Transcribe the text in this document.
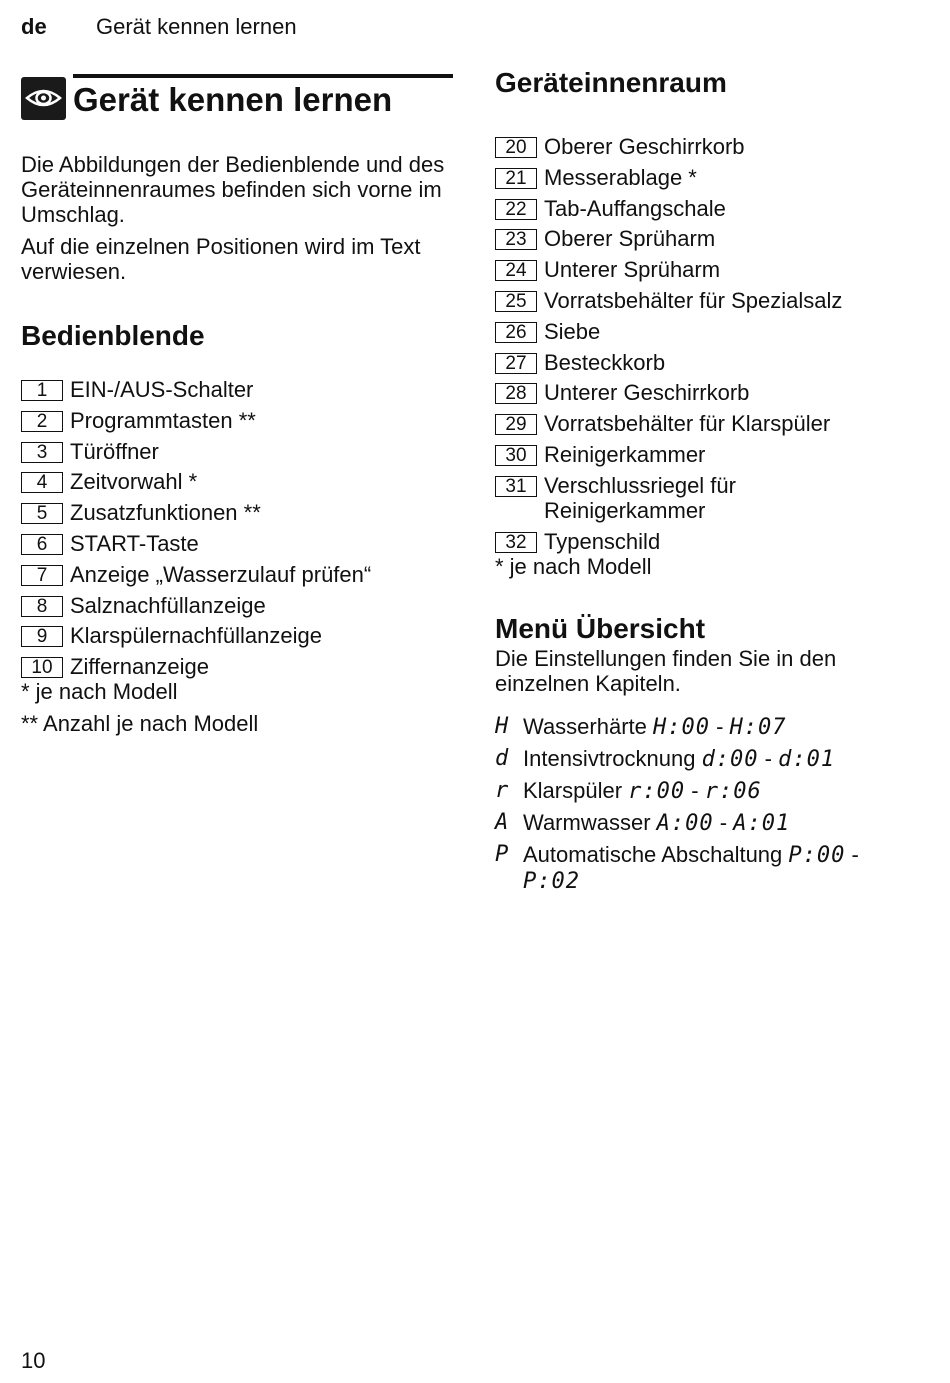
de Gerät kennen lernen
Gerät kennen lernen

Die Abbildungen der Bedienblende und des Geräteinnenraumes befinden sich vorne im Umschlag.

Auf die einzelnen Positionen wird im Text verwiesen.

Bedienblende
1	EIN-/AUS-Schalter
2	Programmtasten **
3	Türöffner
4	Zeitvorwahl *
5	Zusatzfunktionen **
6	START-Taste
7	Anzeige „Wasserzulauf prüfen“
8	Salznachfüllanzeige
9	Klarspülernachfüllanzeige
10 Ziffernanzeige
* je nach Modell
** Anzahl je nach Modell
Geräteinnenraum
20 Oberer Geschirrkorb
21 Messerablage *
22 Tab-Auffangschale
23 Oberer Sprüharm
24 Unterer Sprüharm
25 Vorratsbehälter für Spezialsalz
26 Siebe
27 Besteckkorb
28 Unterer Geschirrkorb
29 Vorratsbehälter für Klarspüler
30 Reinigerkammer
31 Verschlussriegel für Reinigerkammer
32 Typenschild
* je nach Modell
Menü Übersicht

Die Einstellungen finden Sie in den einzelnen Kapiteln.

H Wasserhärte H:00 - H:07
d Intensivtrocknung d:00 - d:01
r Klarspüler r:00 - r:06
A Warmwasser A:00 - A:01
P Automatische Abschaltung P:00 - P:02
10
